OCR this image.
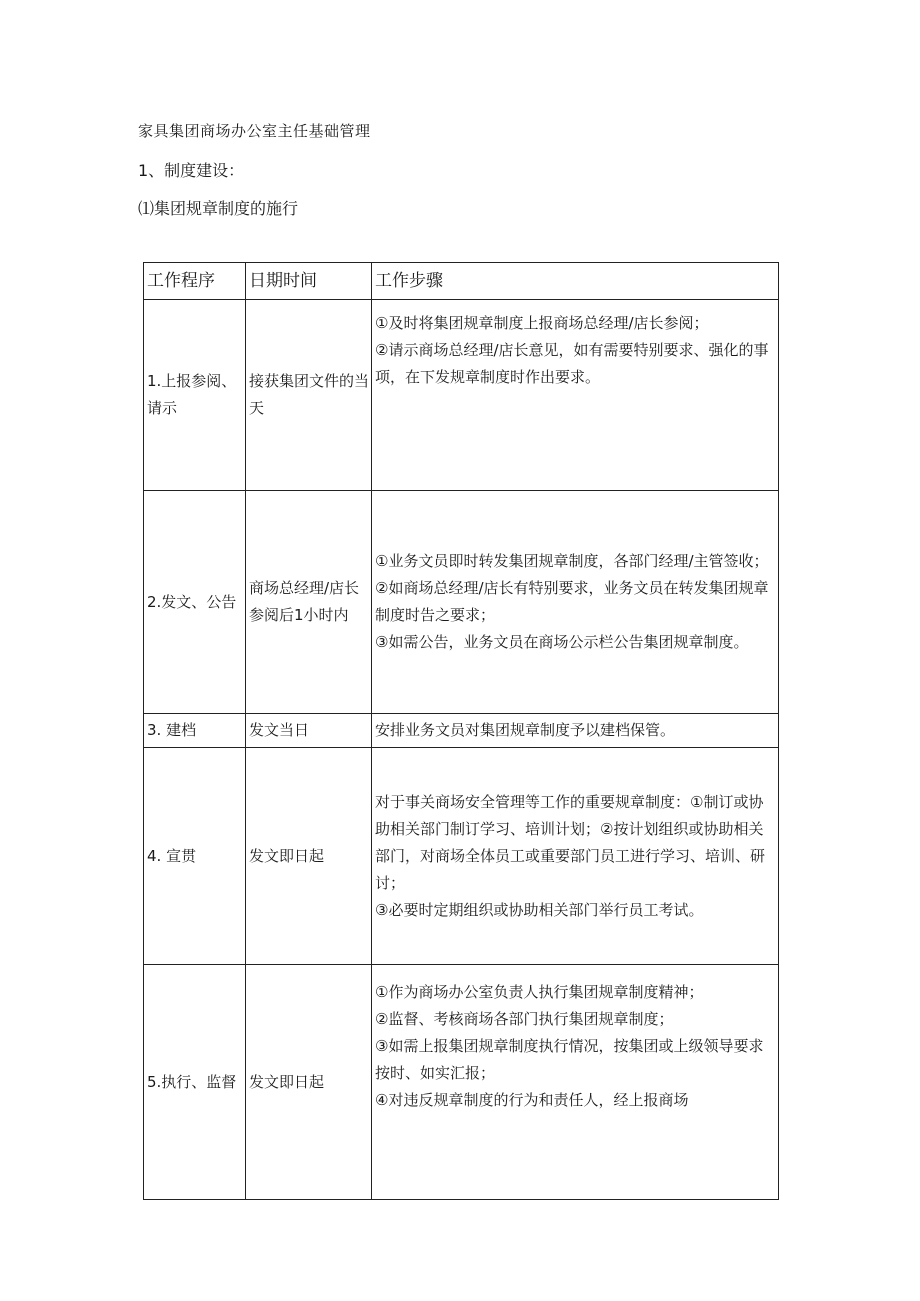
家具集团商场办公室主任基础管理
1、制度建设：
⑴集团规章制度的施行
工作程序	日期时间	工作步骤
1.上报参阅、请示	接获集团文件的当天	①及时将集团规章制度上报商场总经理/店长参阅；
②请示商场总经理/店长意见，如有需要特别要求、强化的事项，在下发规章制度时作出要求。

2.发文、公告	商场总经理/店长参阅后1小时内	①业务文员即时转发集团规章制度，各部门经理/主管签收；
②如商场总经理/店长有特别要求，业务文员在转发集团规章制度时告之要求；
③如需公告，业务文员在商场公示栏公告集团规章制度。

3. 建档	发文当日	安排业务文员对集团规章制度予以建档保管。

4. 宣贯	发文即日起	对于事关商场安全管理等工作的重要规章制度：①制订或协助相关部门制订学习、培训计划；②按计划组织或协助相关部门，对商场全体员工或重要部门员工进行学习、培训、研讨；
③必要时定期组织或协助相关部门举行员工考试。

5.执行、监督	发文即日起	①作为商场办公室负责人执行集团规章制度精神；
②监督、考核商场各部门执行集团规章制度；
③如需上报集团规章制度执行情况，按集团或上级领导要求按时、如实汇报；
④对违反规章制度的行为和责任人，经上报商场
